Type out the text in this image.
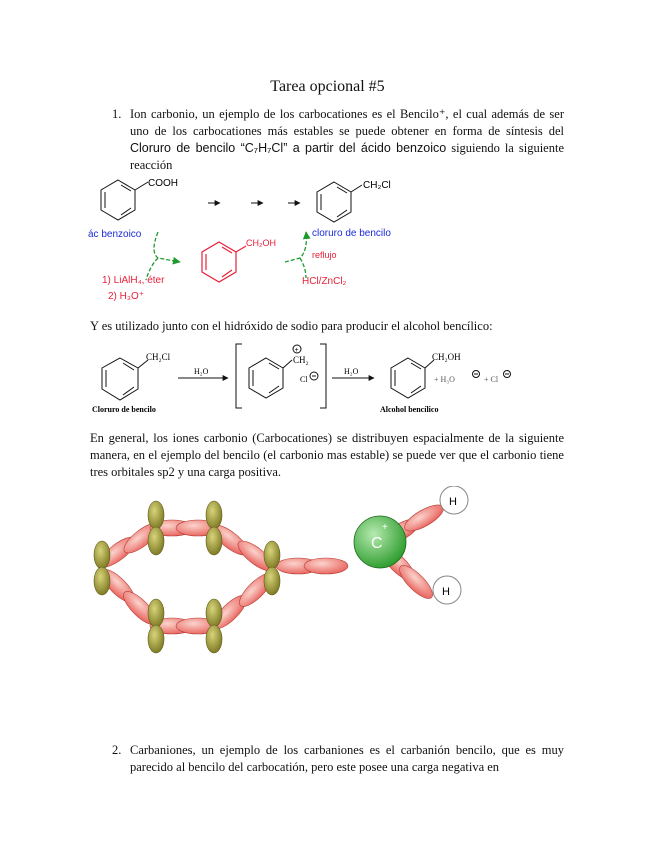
Tarea opcional #5
1. Ion carbonio, un ejemplo de los carbocationes es el Bencilo⁺, el cual además de ser uno de los carbocationes más estables se puede obtener en forma de síntesis del Cloruro de bencilo “C₇H₇Cl” a partir del ácido benzoico siguiendo la siguiente reacción
COOH
ác benzoico
CH₂Cl
cloruro de bencilo
CH₂OH
1) LiAlH₄, éter
2) H₃O⁺
reflujo
HCl/ZnCl₂
Y es utilizado junto con el hidróxido de sodio para producir el alcohol bencílico:
CH₂Cl
H₂O
+
CH₂
Cl
H₂O
CH₂OH
+ H₃O	+ Cl
Cloruro de bencilo	Alcohol bencílico
En general, los iones carbonio (Carbocationes) se distribuyen espacialmente de la siguiente manera, en el ejemplo del bencilo (el carbonio mas estable) se puede ver que el carbonio tiene tres orbitales sp2 y una carga positiva.
C
+
H
H
2. Carbaniones, un ejemplo de los carbaniones es el carbanión bencilo, que es muy parecido al bencilo del carbocatión, pero este posee una carga negativa en
